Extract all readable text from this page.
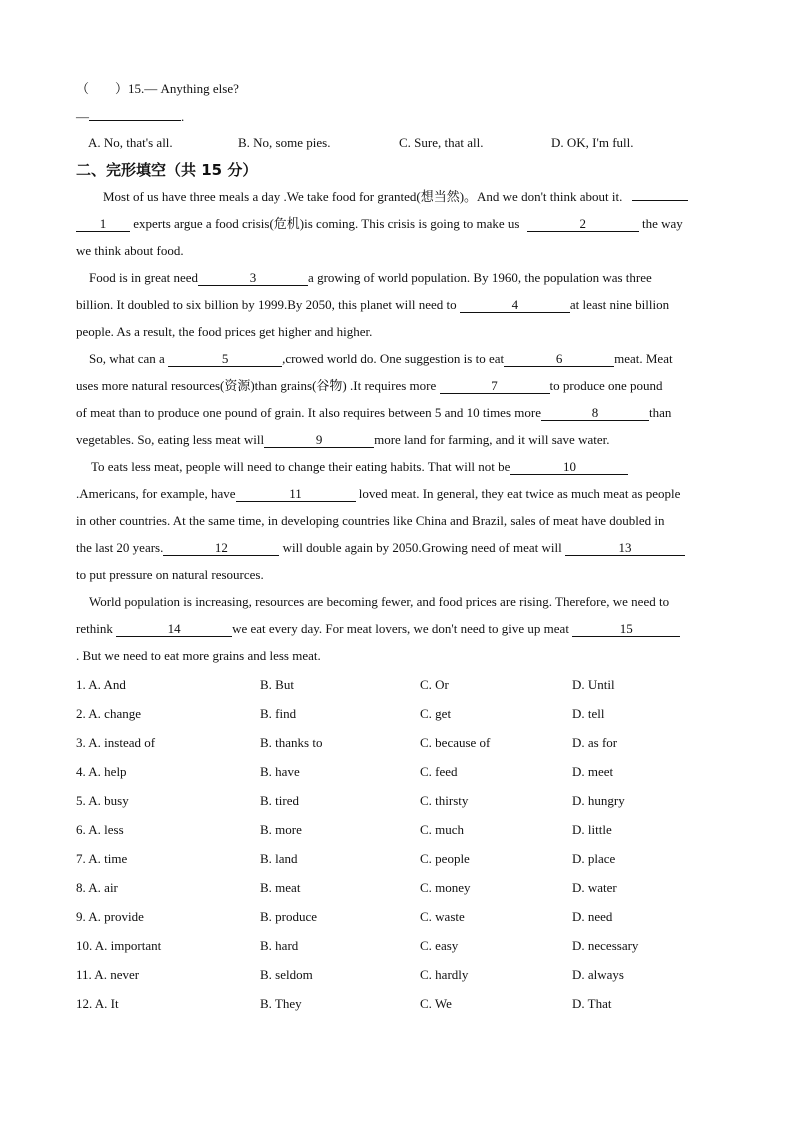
（　　）15.— Anything else?
—	.
A. No, that's all.	B. No, some pies.	C. Sure, that all.	D. OK, I'm full.
二、完形填空（共 15 分）
Most of us have three meals a day .We take food for granted(想当然)。And we don't think about it.
1 experts argue a food crisis(危机)is coming. This crisis is going to make us	2	the way
we think about food.
Food is in great need	3	a growing of world population. By 1960, the population was three
billion. It doubled to six billion by 1999.By 2050, this planet will need to	4	at least nine billion
people. As a result, the food prices get higher and higher.
So, what can a	5	,crowed world do. One suggestion is to eat	6	meat. Meat
uses more natural resources(资源)than grains(谷物) .It requires more	7	to produce one pound
of meat than to produce one pound of grain. It also requires between 5 and 10 times more	8	than
vegetables. So, eating less meat will	9	more land for farming, and it will save water.
To eats less meat, people will need to change their eating habits. That will not be	10
.Americans, for example, have	11	loved meat. In general, they eat twice as much meat as people
in other countries. At the same time, in developing countries like China and Brazil, sales of meat have doubled in
the last 20 years.	12	will double again by 2050.Growing need of meat will	13
to put pressure on natural resources.
World population is increasing, resources are becoming fewer, and food prices are rising. Therefore, we need to
rethink	14	we eat every day. For meat lovers, we don't need to give up meat	15
. But we need to eat more grains and less meat.
1. A. And	B. But	C. Or	D. Until
2. A. change	B. find	C. get	D. tell
3. A. instead of	B. thanks to	C. because of	D. as for
4. A. help	B. have	C. feed	D. meet
5. A. busy	B. tired	C. thirsty	D. hungry
6. A. less	B. more	C. much	D. little
7. A. time	B. land	C. people	D. place
8. A. air	B. meat	C. money	D. water
9. A. provide	B. produce	C. waste	D. need
10. A. important	B. hard	C. easy	D. necessary
11. A. never	B. seldom	C. hardly	D. always
12. A. It	B. They	C. We	D. That
